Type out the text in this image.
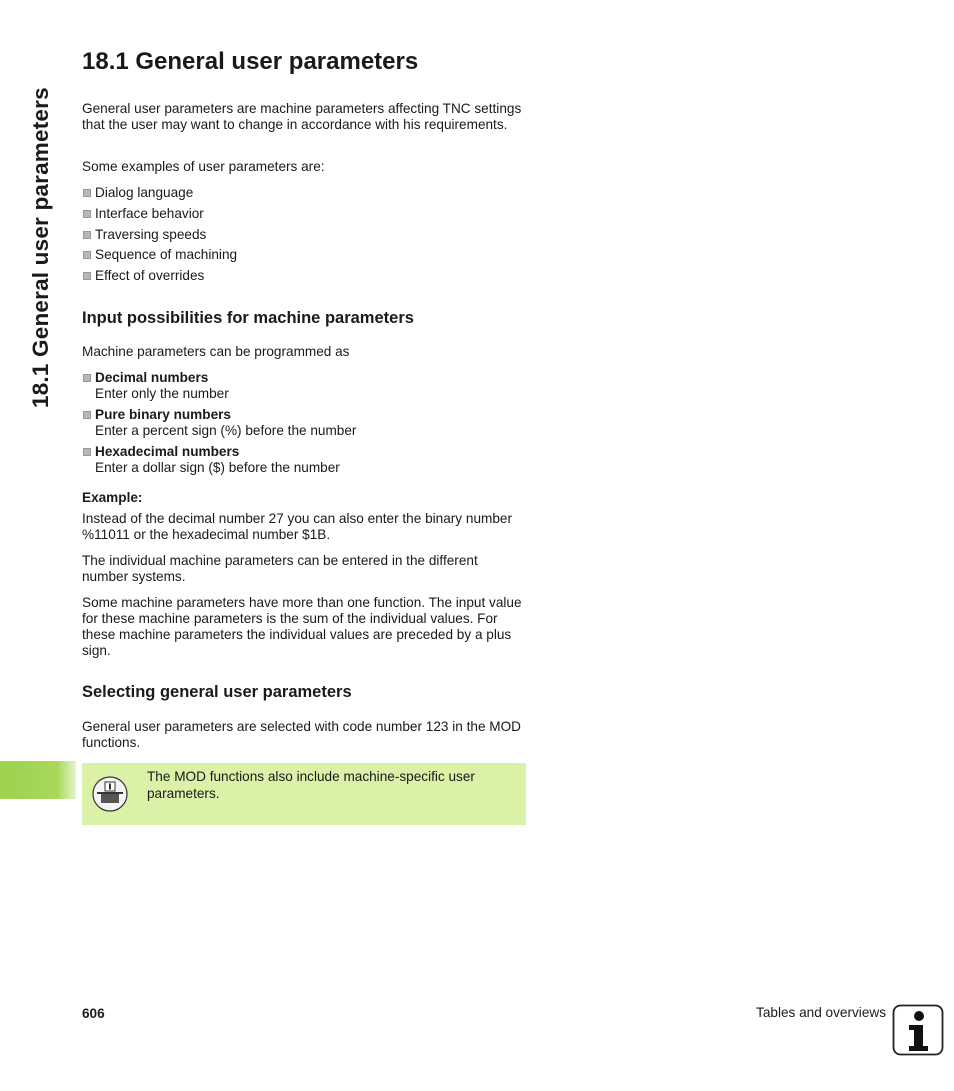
18.1 General user parameters
18.1 General user parameters

General user parameters are machine parameters affecting TNC settings that the user may want to change in accordance with his requirements.

Some examples of user parameters are:

Dialog language
Interface behavior
Traversing speeds
Sequence of machining
Effect of overrides
Input possibilities for machine parameters

Machine parameters can be programmed as

Decimal numbers
Enter only the number
Pure binary numbers
Enter a percent sign (%) before the number
Hexadecimal numbers
Enter a dollar sign ($) before the number

Example:

Instead of the decimal number 27 you can also enter the binary number %11011 or the hexadecimal number $1B.

The individual machine parameters can be entered in the different number systems.

Some machine parameters have more than one function. The input value for these machine parameters is the sum of the individual values. For these machine parameters the individual values are preceded by a plus sign.

Selecting general user parameters

General user parameters are selected with code number 123 in the MOD functions.

The MOD functions also include machine-specific user parameters.

606	Tables and overviews
